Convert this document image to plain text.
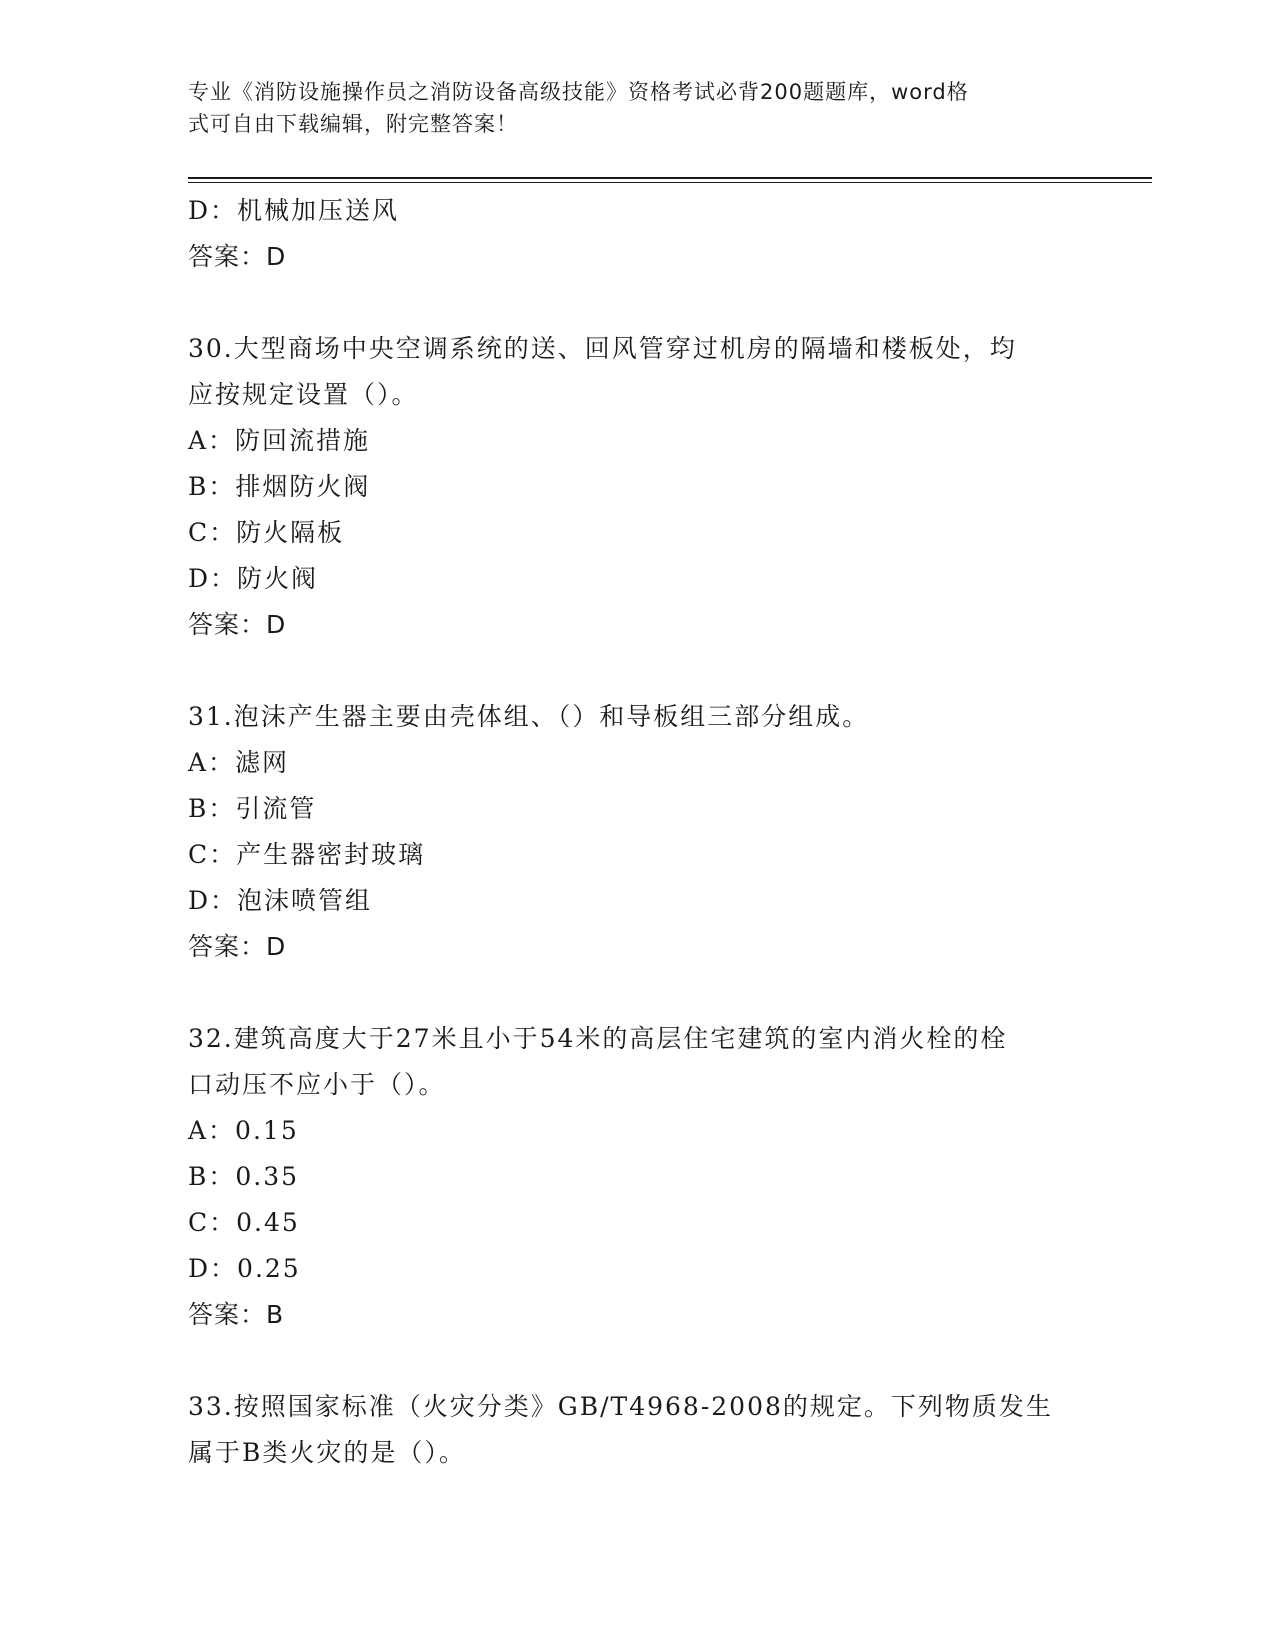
专业《消防设施操作员之消防设备高级技能》资格考试必背200题题库，word格
式可自由下载编辑，附完整答案！
D：机械加压送风
答案：D
30.大型商场中央空调系统的送、回风管穿过机房的隔墙和楼板处，均
应按规定设置（）。
A：防回流措施
B：排烟防火阀
C：防火隔板
D：防火阀
答案：D
31.泡沫产生器主要由壳体组、（）和导板组三部分组成。
A：滤网
B：引流管
C：产生器密封玻璃
D：泡沫喷管组
答案：D
32.建筑高度大于27米且小于54米的高层住宅建筑的室内消火栓的栓
口动压不应小于（）。
A：0.15
B：0.35
C：0.45
D：0.25
答案：B
33.按照国家标准（火灾分类》GB/T4968-2008的规定。下列物质发生
属于B类火灾的是（）。
